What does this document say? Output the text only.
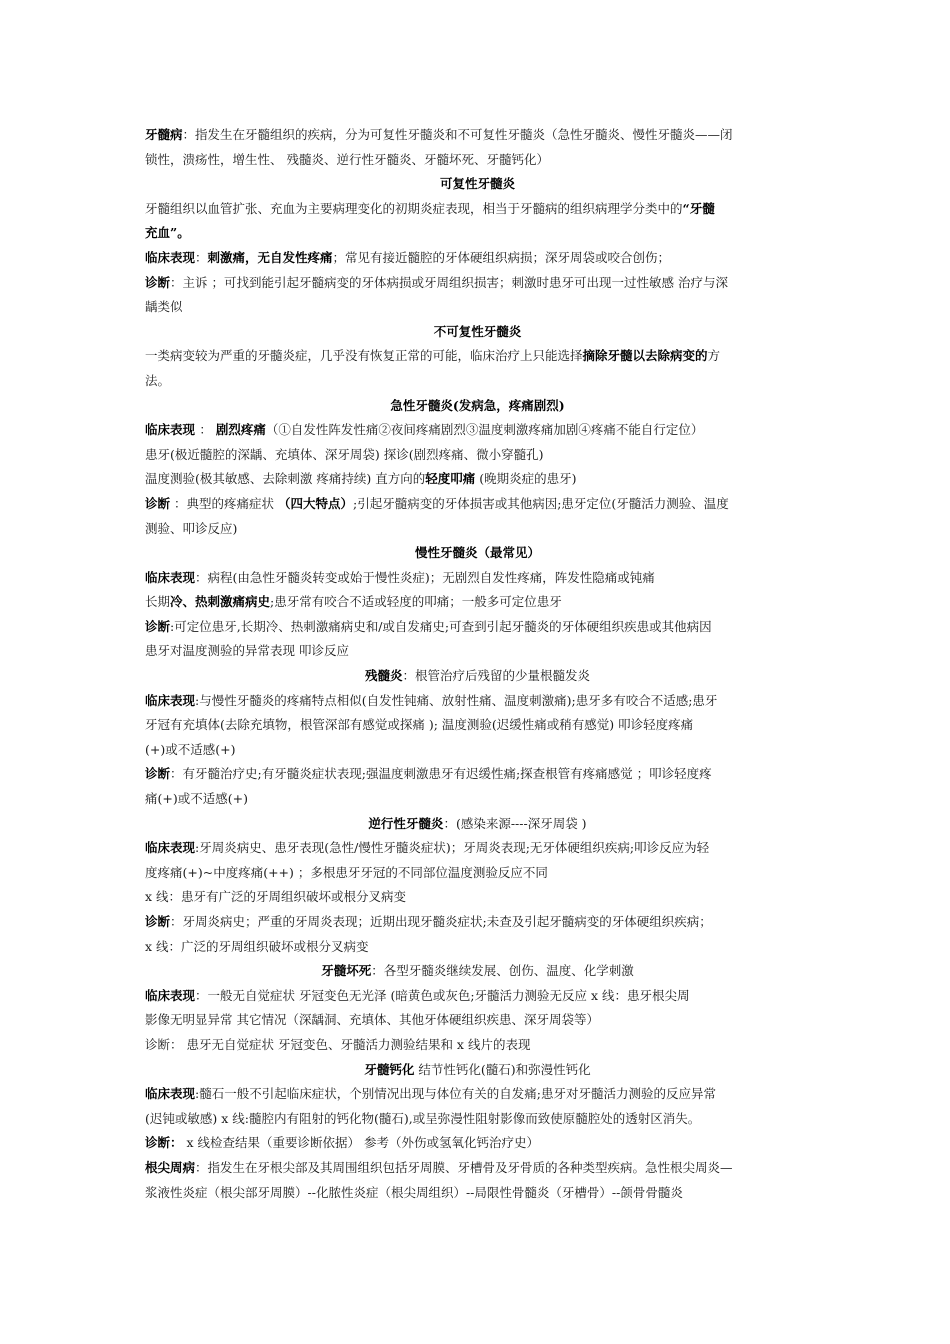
牙髓病：指发生在牙髓组织的疾病，分为可复性牙髓炎和不可复性牙髓炎（急性牙髓炎、慢性牙髓炎——闭
锁性，溃疡性，增生性、 残髓炎、逆行性牙髓炎、牙髓坏死、牙髓钙化）
可复性牙髓炎
牙髓组织以血管扩张、充血为主要病理变化的初期炎症表现，相当于牙髓病的组织病理学分类中的“牙髓
充血”。
临床表现：刺激痛，无自发性疼痛；常见有接近髓腔的牙体硬组织病损；深牙周袋或咬合创伤；
诊断：主诉 ；可找到能引起牙髓病变的牙体病损或牙周组织损害；刺激时患牙可出现一过性敏感 治疗与深
龋类似
不可复性牙髓炎
一类病变较为严重的牙髓炎症，几乎没有恢复正常的可能，临床治疗上只能选择摘除牙髓以去除病变的方
法。
急性牙髓炎(发病急，疼痛剧烈)
临床表现 ： 剧烈疼痛（①自发性阵发性痛②夜间疼痛剧烈③温度刺激疼痛加剧④疼痛不能自行定位）
患牙(极近髓腔的深龋、充填体、深牙周袋) 探诊(剧烈疼痛、微小穿髓孔)
温度测验(极其敏感、去除刺激 疼痛持续) 直方向的轻度叩痛 (晚期炎症的患牙)
诊断 ：典型的疼痛症状 （四大特点）;引起牙髓病变的牙体损害或其他病因;患牙定位(牙髓活力测验、温度
测验、叩诊反应)
慢性牙髓炎（最常见）
临床表现：病程(由急性牙髓炎转变或始于慢性炎症)；无剧烈自发性疼痛，阵发性隐痛或钝痛
长期冷、热刺激痛病史;患牙常有咬合不适或轻度的叩痛；一般多可定位患牙
诊断:可定位患牙,长期冷、热刺激痛病史和/或自发痛史;可查到引起牙髓炎的牙体硬组织疾患或其他病因
患牙对温度测验的异常表现 叩诊反应
残髓炎：根管治疗后残留的少量根髓发炎
临床表现:与慢性牙髓炎的疼痛特点相似(自发性钝痛、放射性痛、温度刺激痛);患牙多有咬合不适感;患牙
牙冠有充填体(去除充填物，根管深部有感觉或探痛 ); 温度测验(迟缓性痛或稍有感觉) 叩诊轻度疼痛
(+)或不适感(+)
诊断：有牙髓治疗史;有牙髓炎症状表现;强温度刺激患牙有迟缓性痛;探查根管有疼痛感觉 ；叩诊轻度疼
痛(+)或不适感(+)
逆行性牙髓炎：(感染来源----深牙周袋 )
临床表现:牙周炎病史、患牙表现(急性/慢性牙髓炎症状)；牙周炎表现;无牙体硬组织疾病;叩诊反应为轻
度疼痛(+)~中度疼痛(++) ；多根患牙牙冠的不同部位温度测验反应不同
x 线：患牙有广泛的牙周组织破坏或根分叉病变
诊断：牙周炎病史；严重的牙周炎表现；近期出现牙髓炎症状;未查及引起牙髓病变的牙体硬组织疾病；
x 线：广泛的牙周组织破坏或根分叉病变
牙髓坏死：各型牙髓炎继续发展、创伤、温度、化学刺激
临床表现：一般无自觉症状 牙冠变色无光泽 (暗黄色或灰色;牙髓活力测验无反应 x 线：患牙根尖周
影像无明显异常 其它情况（深龋洞、充填体、其他牙体硬组织疾患、深牙周袋等）
诊断： 患牙无自觉症状 牙冠变色、牙髓活力测验结果和 x 线片的表现
牙髓钙化 结节性钙化(髓石)和弥漫性钙化
临床表现:髓石一般不引起临床症状，个别情况出现与体位有关的自发痛;患牙对牙髓活力测验的反应异常
(迟钝或敏感) x 线:髓腔内有阻射的钙化物(髓石),或呈弥漫性阻射影像而致使原髓腔处的透射区消失。
诊断： x 线检查结果（重要诊断依据） 参考（外伤或氢氧化钙治疗史）
根尖周病：指发生在牙根尖部及其周围组织包括牙周膜、牙槽骨及牙骨质的各种类型疾病。急性根尖周炎—
浆液性炎症（根尖部牙周膜）--化脓性炎症（根尖周组织）--局限性骨髓炎（牙槽骨）--颌骨骨髓炎
